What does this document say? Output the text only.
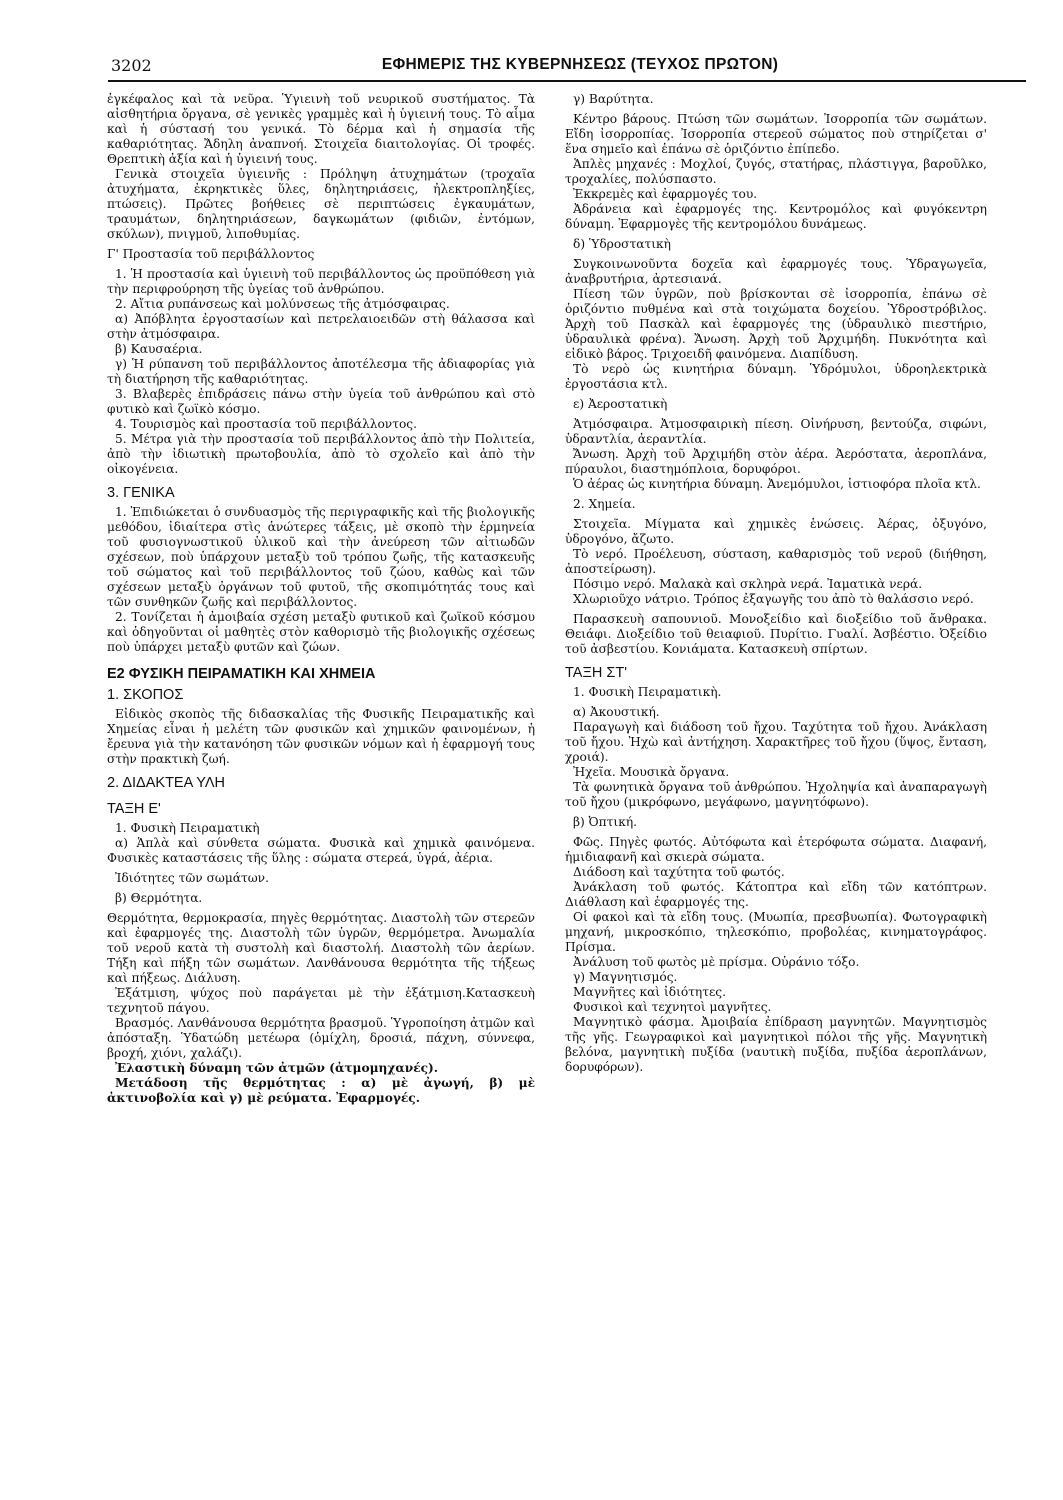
3202	ΕΦΗΜΕΡΙΣ ΤΗΣ ΚΥΒΕΡΝΗΣΕΩΣ (ΤΕΥΧΟΣ ΠΡΩΤΟΝ)

ἐγκέφαλος καὶ τὰ νεῦρα. Ὑγιεινὴ τοῦ νευρικοῦ συστήματος. Τὰ αἰσθητήρια ὄργανα, σὲ γενικὲς γραμμὲς καὶ ἡ ὑγιεινή τους. Τὸ αἷμα καὶ ἡ σύστασή του γενικά. Τὸ δέρμα καὶ ἡ σημασία τῆς καθαριότητας. Ἄδηλη ἀναπνοή. Στοιχεῖα διαιτολογίας. Οἱ τροφές. Θρεπτικὴ ἀξία καὶ ἡ ὑγιεινή τους.

Γενικὰ στοιχεῖα ὑγιεινῆς : Πρόληψη ἀτυχημάτων (τροχαῖα ἀτυχήματα, ἐκρηκτικὲς ὕλες, δηλητηριάσεις, ἠλεκτροπληξίες, πτώσεις). Πρῶτες βοήθειες σὲ περιπτώσεις ἐγκαυμάτων, τραυμάτων, δηλητηριάσεων, δαγκωμάτων (φιδιῶν, ἐντόμων, σκύλων), πνιγμοῦ, λιποθυμίας.

Γ' Προστασία τοῦ περιβάλλοντος

1. Ἡ προστασία καὶ ὑγιεινὴ τοῦ περιβάλλοντος ὡς προϋπόθεση γιὰ τὴν περιφρούρηση τῆς ὑγείας τοῦ ἀνθρώπου.

2. Αἴτια ρυπάνσεως καὶ μολύνσεως τῆς ἀτμόσφαιρας.

α) Ἀπόβλητα ἐργοστασίων καὶ πετρελαιοειδῶν στὴ θάλασσα καὶ στὴν ἀτμόσφαιρα.

β) Καυσαέρια.

γ) Ἡ ρύπανση τοῦ περιβάλλοντος ἀποτέλεσμα τῆς ἀδιαφορίας γιὰ τὴ διατήρηση τῆς καθαριότητας.

3. Βλαβερὲς ἐπιδράσεις πάνω στὴν ὑγεία τοῦ ἀνθρώπου καὶ στὸ φυτικὸ καὶ ζωϊκὸ κόσμο.

4. Τουρισμὸς καὶ προστασία τοῦ περιβάλλοντος.

5. Μέτρα γιὰ τὴν προστασία τοῦ περιβάλλοντος ἀπὸ τὴν Πολιτεία, ἀπὸ τὴν ἰδιωτικὴ πρωτοβουλία, ἀπὸ τὸ σχολεῖο καὶ ἀπὸ τὴν οἰκογένεια.

3. ΓΕΝΙΚΑ

1. Ἐπιδιώκεται ὁ συνδυασμὸς τῆς περιγραφικῆς καὶ τῆς βιολογικῆς μεθόδου, ἰδιαίτερα στὶς ἀνώτερες τάξεις, μὲ σκοπὸ τὴν ἑρμηνεία τοῦ φυσιογνωστικοῦ ὑλικοῦ καὶ τὴν ἀνεύρεση τῶν αἰτιωδῶν σχέσεων, ποὺ ὑπάρχουν μεταξὺ τοῦ τρόπου ζωῆς, τῆς κατασκευῆς τοῦ σώματος καὶ τοῦ περιβάλλοντος τοῦ ζώου, καθὼς καὶ τῶν σχέσεων μεταξὺ ὀργάνων τοῦ φυτοῦ, τῆς σκοπιμότητάς τους καὶ τῶν συνθηκῶν ζωῆς καὶ περιβάλλοντος.

2. Τονίζεται ἡ ἀμοιβαία σχέση μεταξὺ φυτικοῦ καὶ ζωϊκοῦ κόσμου καὶ ὁδηγοῦνται οἱ μαθητὲς στὸν καθορισμὸ τῆς βιολογικῆς σχέσεως ποὺ ὑπάρχει μεταξὺ φυτῶν καὶ ζώων.

Ε2 ΦΥΣΙΚΗ ΠΕΙΡΑΜΑΤΙΚΗ ΚΑΙ ΧΗΜΕΙΑ

1. ΣΚΟΠΟΣ

Εἰδικὸς σκοπὸς τῆς διδασκαλίας τῆς Φυσικῆς Πειραματικῆς καὶ Χημείας εἶναι ἡ μελέτη τῶν φυσικῶν καὶ χημικῶν φαινομένων, ἡ ἔρευνα γιὰ τὴν κατανόηση τῶν φυσικῶν νόμων καὶ ἡ ἐφαρμογή τους στὴν πρακτικὴ ζωή.

2. ΔΙΔΑΚΤΕΑ ΥΛΗ

ΤΑΞΗ Ε'

1. Φυσικὴ Πειραματικὴ

α) Ἁπλὰ καὶ σύνθετα σώματα. Φυσικὰ καὶ χημικὰ φαινόμενα. Φυσικὲς καταστάσεις τῆς ὕλης : σώματα στερεά, ὑγρά, ἀέρια.

Ἰδιότητες τῶν σωμάτων.

β) Θερμότητα.

Θερμότητα, θερμοκρασία, πηγὲς θερμότητας. Διαστολὴ τῶν στερεῶν καὶ ἐφαρμογές της. Διαστολὴ τῶν ὑγρῶν, θερμόμετρα. Ἀνωμαλία τοῦ νεροῦ κατὰ τὴ συστολὴ καὶ διαστολή. Διαστολὴ τῶν ἀερίων. Τήξη καὶ πήξη τῶν σωμάτων. Λανθάνουσα θερμότητα τῆς τήξεως καὶ πήξεως. Διάλυση.

Ἐξάτμιση, ψύχος ποὺ παράγεται μὲ τὴν ἐξάτμιση.Κατασκευὴ τεχνητοῦ πάγου.

Βρασμός. Λανθάνουσα θερμότητα βρασμοῦ. Ὑγροποίηση ἀτμῶν καὶ ἀπόσταξη. Ὑδατώδη μετέωρα (ὁμίχλη, δροσιά, πάχνη, σύννεφα, βροχή, χιόνι, χαλάζι).

Ἐλαστικὴ δύναμη τῶν ἀτμῶν (ἀτμομηχανές).

Μετάδοση τῆς θερμότητας : α) μὲ ἀγωγή, β) μὲ ἀκτινοβολία καὶ γ) μὲ ρεύματα. Ἐφαρμογές.

γ) Βαρύτητα.

Κέντρο βάρους. Πτώση τῶν σωμάτων. Ἰσορροπία τῶν σωμάτων. Εἴδη ἰσορροπίας. Ἰσορροπία στερεοῦ σώματος ποὺ στηρίζεται σ' ἕνα σημεῖο καὶ ἐπάνω σὲ ὁριζόντιο ἐπίπεδο.

Ἁπλὲς μηχανές : Μοχλοί, ζυγός, στατήρας, πλάστιγγα, βαροῦλκο, τροχαλίες, πολύσπαστο.

Ἐκκρεμὲς καὶ ἐφαρμογές του.

Ἀδράνεια καὶ ἐφαρμογές της. Κεντρομόλος καὶ φυγόκεντρη δύναμη. Ἐφαρμογὲς τῆς κεντρομόλου δυνάμεως.

δ) Ὑδροστατικὴ

Συγκοινωνοῦντα δοχεῖα καὶ ἐφαρμογές τους. Ὑδραγωγεῖα, ἀναβρυτήρια, ἀρτεσιανά.

Πίεση τῶν ὑγρῶν, ποὺ βρίσκονται σὲ ἰσορροπία, ἐπάνω σὲ ὁριζόντιο πυθμένα καὶ στὰ τοιχώματα δοχείου. Ὑδροστρόβιλος. Ἀρχὴ τοῦ Πασκὰλ καὶ ἐφαρμογές της (ὑδραυλικὸ πιεστήριο, ὑδραυλικὰ φρένα). Ἄνωση. Ἀρχὴ τοῦ Ἀρχιμήδη. Πυκνότητα καὶ εἰδικὸ βάρος. Τριχοειδῆ φαινόμενα. Διαπίδυση.

Τὸ νερὸ ὡς κινητήρια δύναμη. Ὑδρόμυλοι, ὑδροηλεκτρικὰ ἐργοστάσια κτλ.

ε) Ἀεροστατικὴ

Ἀτμόσφαιρα. Ἀτμοσφαιρικὴ πίεση. Οἰνήρυση, βεντούζα, σιφώνι, ὑδραντλία, ἀεραντλία.

Ἄνωση. Ἀρχὴ τοῦ Ἀρχιμήδη στὸν ἀέρα. Ἀερόστατα, ἀεροπλάνα, πύραυλοι, διαστημόπλοια, δορυφόροι.

Ὁ ἀέρας ὡς κινητήρια δύναμη. Ἀνεμόμυλοι, ἱστιοφόρα πλοῖα κτλ.

2. Χημεία.

Στοιχεῖα. Μίγματα καὶ χημικὲς ἑνώσεις. Ἀέρας, ὀξυγόνο, ὑδρογόνο, ἄζωτο.

Τὸ νερό. Προέλευση, σύσταση, καθαρισμὸς τοῦ νεροῦ (διήθηση, ἀποστείρωση).

Πόσιμο νερό. Μαλακὰ καὶ σκληρὰ νερά. Ἰαματικὰ νερά.

Χλωριοῦχο νάτριο. Τρόπος ἐξαγωγῆς του ἀπὸ τὸ θαλάσσιο νερό.

Παρασκευὴ σαπουνιοῦ. Μονοξείδιο καὶ διοξείδιο τοῦ ἄνθρακα. Θειάφι. Διοξείδιο τοῦ θειαφιοῦ. Πυρίτιο. Γυαλί. Ἀσβέστιο. Ὀξείδιο τοῦ ἀσβεστίου. Κονιάματα. Κατασκευὴ σπίρτων.

ΤΑΞΗ ΣΤ'

1. Φυσικὴ Πειραματικὴ.

α) Ἀκουστική.

Παραγωγὴ καὶ διάδοση τοῦ ἤχου. Ταχύτητα τοῦ ἤχου. Ἀνάκλαση τοῦ ἤχου. Ἠχὼ καὶ ἀντήχηση. Χαρακτῆρες τοῦ ἤχου (ὕψος, ἔνταση, χροιά).

Ἠχεῖα. Μουσικὰ ὄργανα.

Τὰ φωνητικὰ ὄργανα τοῦ ἀνθρώπου. Ἠχοληψία καὶ ἀναπαραγωγὴ τοῦ ἤχου (μικρόφωνο, μεγάφωνο, μαγνητόφωνο).

β) Ὀπτική.

Φῶς. Πηγὲς φωτός. Αὐτόφωτα καὶ ἑτερόφωτα σώματα. Διαφανή, ἡμιδιαφανῆ καὶ σκιερὰ σώματα.

Διάδοση καὶ ταχύτητα τοῦ φωτός.

Ἀνάκλαση τοῦ φωτός. Κάτοπτρα καὶ εἴδη τῶν κατόπτρων. Διάθλαση καὶ ἐφαρμογές της.

Οἱ φακοὶ καὶ τὰ εἴδη τους. (Μυωπία, πρεσβυωπία). Φωτογραφικὴ μηχανή, μικροσκόπιο, τηλεσκόπιο, προβολέας, κινηματογράφος. Πρίσμα.

Ἀνάλυση τοῦ φωτὸς μὲ πρίσμα. Οὐράνιο τόξο.

γ) Μαγνητισμός.

Μαγνῆτες καὶ ἰδιότητες.

Φυσικοὶ καὶ τεχνητοὶ μαγνῆτες.

Μαγνητικὸ φάσμα. Ἀμοιβαία ἐπίδραση μαγνητῶν. Μαγνητισμὸς τῆς γῆς. Γεωγραφικοὶ καὶ μαγνητικοὶ πόλοι τῆς γῆς. Μαγνητικὴ βελόνα, μαγνητικὴ πυξίδα (ναυτικὴ πυξίδα, πυξίδα ἀεροπλάνων, δορυφόρων).
